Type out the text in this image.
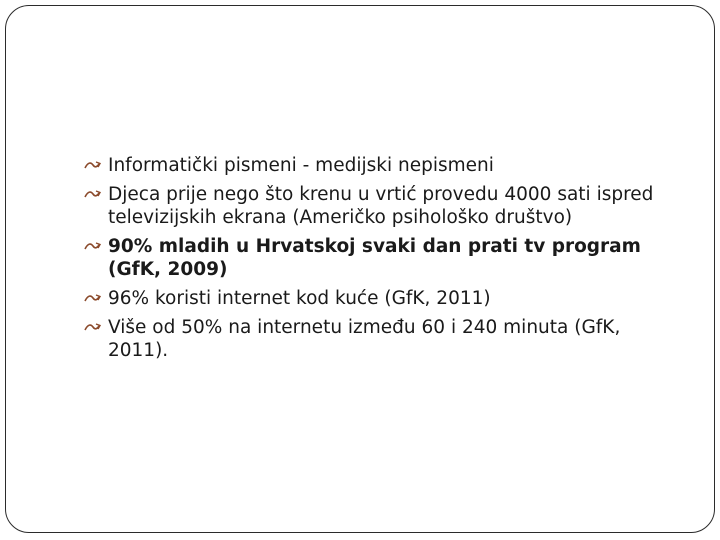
Informatički pismeni - medijski nepismeni
Djeca prije nego što krenu u vrtić provedu 4000 sati ispred televizijskih ekrana (Američko psihološko društvo)
90% mladih u Hrvatskoj svaki dan prati tv program (GfK, 2009)
96% koristi internet kod kuće (GfK, 2011)
Više od 50% na internetu između 60 i 240 minuta (GfK, 2011).
